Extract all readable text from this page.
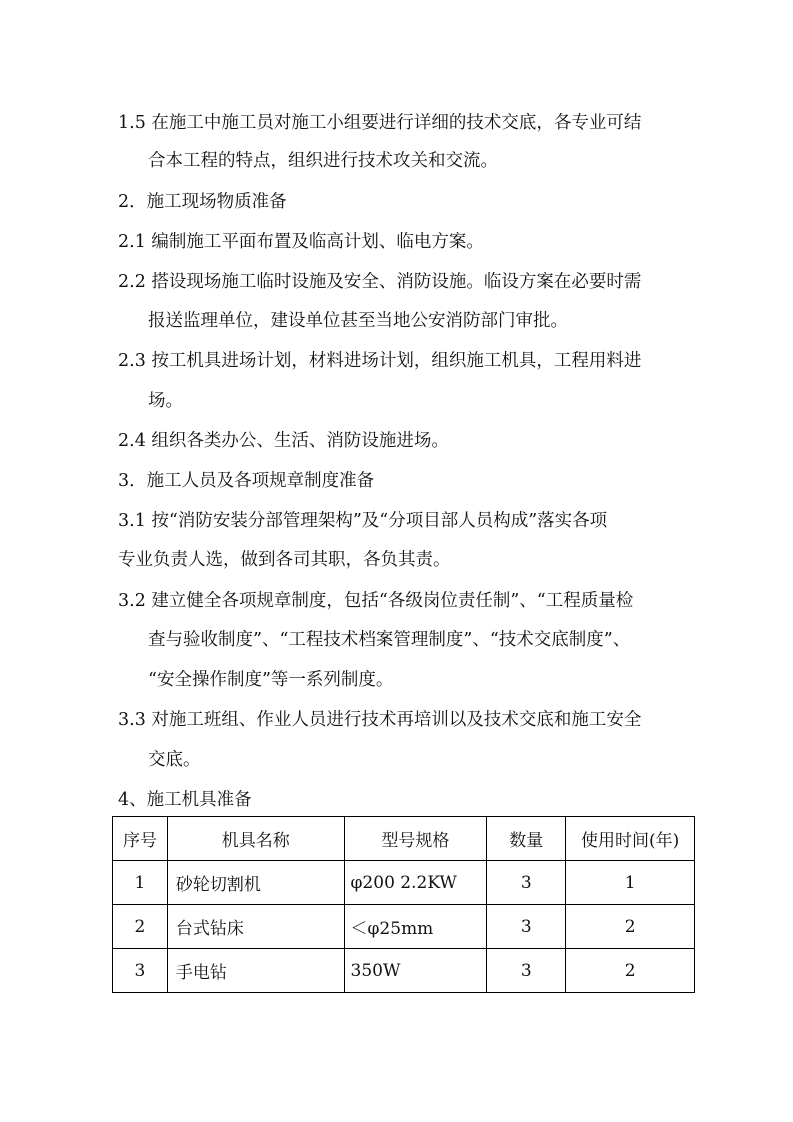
1.5 在施工中施工员对施工小组要进行详细的技术交底，各专业可结
合本工程的特点，组织进行技术攻关和交流。
2．施工现场物质准备
2.1 编制施工平面布置及临高计划、临电方案。
2.2 搭设现场施工临时设施及安全、消防设施。临设方案在必要时需
报送监理单位，建设单位甚至当地公安消防部门审批。
2.3 按工机具进场计划，材料进场计划，组织施工机具，工程用料进
场。
2.4 组织各类办公、生活、消防设施进场。
3．施工人员及各项规章制度准备
3.1 按“消防安装分部管理架构”及“分项目部人员构成”落实各项
专业负责人选，做到各司其职，各负其责。
3.2 建立健全各项规章制度，包括“各级岗位责任制”、“工程质量检
查与验收制度”、“工程技术档案管理制度”、“技术交底制度”、
“安全操作制度”等一系列制度。
3.3 对施工班组、作业人员进行技术再培训以及技术交底和施工安全
交底。
4、施工机具准备
序号	机具名称	型号规格	数量	使用时间(年)
1	砂轮切割机	φ200 2.2KW	3	1
2	台式钻床	＜φ25mm	3	2
3	手电钻	350W	3	2
